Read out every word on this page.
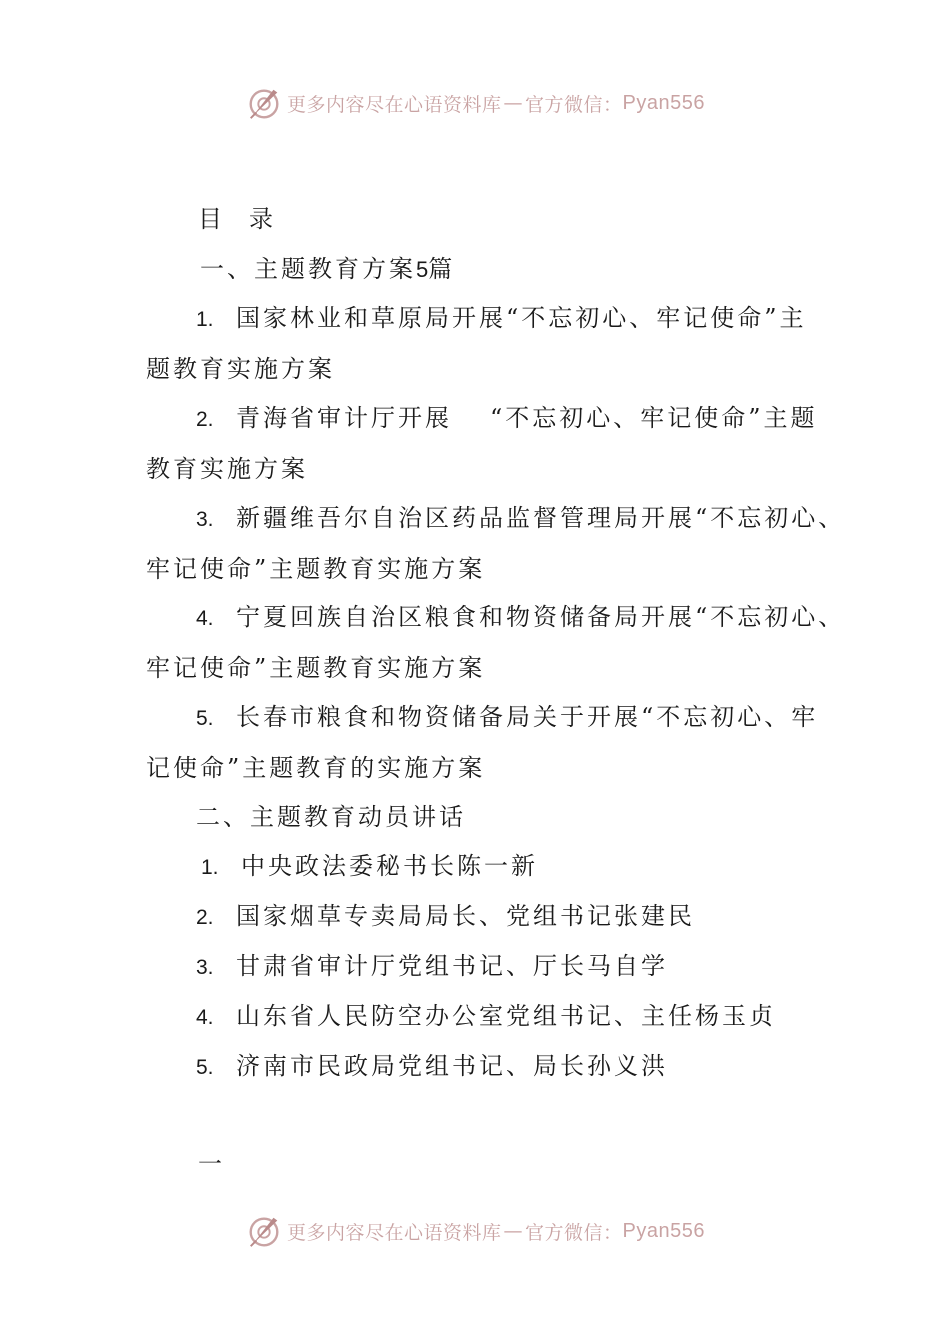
更多内容尽在心语资料库 — 官方微信： Pyan556
目 录
一、主题教育方案5篇
1. 国家林业和草原局开展“不忘初心、牢记使命”主
题教育实施方案
2. 青海省审计厅开展 “不忘初心、牢记使命”主题
教育实施方案
3. 新疆维吾尔自治区药品监督管理局开展“不忘初心、
牢记使命”主题教育实施方案
4. 宁夏回族自治区粮食和物资储备局开展“不忘初心、
牢记使命”主题教育实施方案
5. 长春市粮食和物资储备局关于开展“不忘初心、牢
记使命”主题教育的实施方案
二、主题教育动员讲话
1. 中央政法委秘书长陈一新
2. 国家烟草专卖局局长、党组书记张建民
3. 甘肃省审计厅党组书记、厅长马自学
4. 山东省人民防空办公室党组书记、主任杨玉贞
5. 济南市民政局党组书记、局长孙义洪
一
更多内容尽在心语资料库 — 官方微信： Pyan556
